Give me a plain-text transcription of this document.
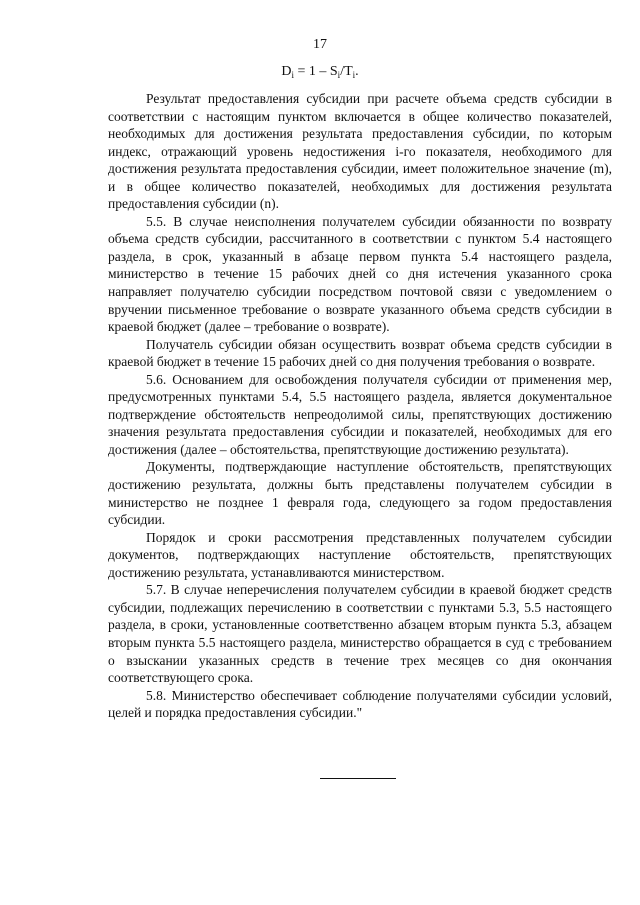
17
$D_i = 1 - S_i/T_i$.

Результат предоставления субсидии при расчете объема средств субсидии в соответствии с настоящим пунктом включается в общее количество показателей, необходимых для достижения результата предоставления субсидии, по которым индекс, отражающий уровень недостижения i-го показателя, необходимого для достижения результата предоставления субсидии, имеет положительное значение (m), и в общее количество показателей, необходимых для достижения результата предоставления субсидии (n).

5.5. В случае неисполнения получателем субсидии обязанности по возврату объема средств субсидии, рассчитанного в соответствии с пунктом 5.4 настоящего раздела, в срок, указанный в абзаце первом пункта 5.4 настоящего раздела, министерство в течение 15 рабочих дней со дня истечения указанного срока направляет получателю субсидии посредством почтовой связи с уведомлением о вручении письменное требование о возврате указанного объема средств субсидии в краевой бюджет (далее – требование о возврате).

Получатель субсидии обязан осуществить возврат объема средств субсидии в краевой бюджет в течение 15 рабочих дней со дня получения требования о возврате.

5.6. Основанием для освобождения получателя субсидии от применения мер, предусмотренных пунктами 5.4, 5.5 настоящего раздела, является документальное подтверждение обстоятельств непреодолимой силы, препятствующих достижению значения результата предоставления субсидии и показателей, необходимых для его достижения (далее – обстоятельства, препятствующие достижению результата).

Документы, подтверждающие наступление обстоятельств, препятствующих достижению результата, должны быть представлены получателем субсидии в министерство не позднее 1 февраля года, следующего за годом предоставления субсидии.

Порядок и сроки рассмотрения представленных получателем субсидии документов, подтверждающих наступление обстоятельств, препятствующих достижению результата, устанавливаются министерством.

5.7. В случае неперечисления получателем субсидии в краевой бюджет средств субсидии, подлежащих перечислению в соответствии с пунктами 5.3, 5.5 настоящего раздела, в сроки, установленные соответственно абзацем вторым пункта 5.3, абзацем вторым пункта 5.5 настоящего раздела, министерство обращается в суд с требованием о взыскании указанных средств в течение трех месяцев со дня окончания соответствующего срока.

5.8. Министерство обеспечивает соблюдение получателями субсидии условий, целей и порядка предоставления субсидии."
